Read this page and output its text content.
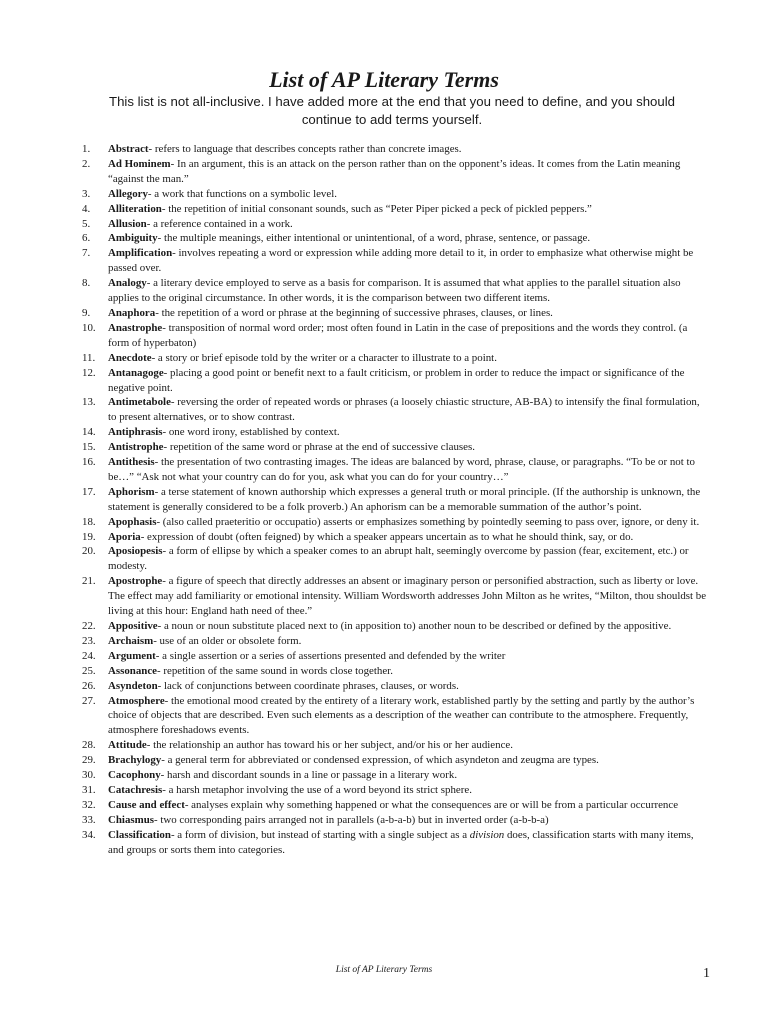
List of AP Literary Terms
This list is not all-inclusive. I have added more at the end that you need to define, and you should continue to add terms yourself.
1.	Abstract- refers to language that describes concepts rather than concrete images.
2.	Ad Hominem- In an argument, this is an attack on the person rather than on the opponent’s ideas. It comes from the Latin meaning “against the man.”
3.	Allegory- a work that functions on a symbolic level.
4.	Alliteration- the repetition of initial consonant sounds, such as “Peter Piper picked a peck of pickled peppers.”
5.	Allusion- a reference contained in a work.
6.	Ambiguity- the multiple meanings, either intentional or unintentional, of a word, phrase, sentence, or passage.
7.	Amplification- involves repeating a word or expression while adding more detail to it, in order to emphasize what otherwise might be passed over.
8.	Analogy- a literary device employed to serve as a basis for comparison. It is assumed that what applies to the parallel situation also applies to the original circumstance. In other words, it is the comparison between two different items.
9.	Anaphora- the repetition of a word or phrase at the beginning of successive phrases, clauses, or lines.
10.	Anastrophe- transposition of normal word order; most often found in Latin in the case of prepositions and the words they control. (a form of hyperbaton)
11.	Anecdote- a story or brief episode told by the writer or a character to illustrate to a point.
12.	Antanagoge- placing a good point or benefit next to a fault criticism, or problem in order to reduce the impact or significance of the negative point.
13.	Antimetabole- reversing the order of repeated words or phrases (a loosely chiastic structure, AB-BA) to intensify the final formulation, to present alternatives, or to show contrast.
14.	Antiphrasis- one word irony, established by context.
15.	Antistrophe- repetition of the same word or phrase at the end of successive clauses.
16.	Antithesis- the presentation of two contrasting images. The ideas are balanced by word, phrase, clause, or paragraphs. “To be or not to be…” “Ask not what your country can do for you, ask what you can do for your country…”
17.	Aphorism- a terse statement of known authorship which expresses a general truth or moral principle. (If the authorship is unknown, the statement is generally considered to be a folk proverb.) An aphorism can be a memorable summation of the author’s point.
18.	Apophasis- (also called praeteritio or occupatio) asserts or emphasizes something by pointedly seeming to pass over, ignore, or deny it.
19.	Aporia- expression of doubt (often feigned) by which a speaker appears uncertain as to what he should think, say, or do.
20.	Aposiopesis- a form of ellipse by which a speaker comes to an abrupt halt, seemingly overcome by passion (fear, excitement, etc.) or modesty.
21.	Apostrophe- a figure of speech that directly addresses an absent or imaginary person or personified abstraction, such as liberty or love. The effect may add familiarity or emotional intensity. William Wordsworth addresses John Milton as he writes, “Milton, thou shouldst be living at this hour: England hath need of thee.”
22.	Appositive- a noun or noun substitute placed next to (in apposition to) another noun to be described or defined by the appositive.
23.	Archaism- use of an older or obsolete form.
24.	Argument- a single assertion or a series of assertions presented and defended by the writer
25.	Assonance- repetition of the same sound in words close together.
26.	Asyndeton- lack of conjunctions between coordinate phrases, clauses, or words.
27.	Atmosphere- the emotional mood created by the entirety of a literary work, established partly by the setting and partly by the author’s choice of objects that are described. Even such elements as a description of the weather can contribute to the atmosphere. Frequently, atmosphere foreshadows events.
28.	Attitude- the relationship an author has toward his or her subject, and/or his or her audience.
29.	Brachylogy- a general term for abbreviated or condensed expression, of which asyndeton and zeugma are types.
30.	Cacophony- harsh and discordant sounds in a line or passage in a literary work.
31.	Catachresis- a harsh metaphor involving the use of a word beyond its strict sphere.
32.	Cause and effect- analyses explain why something happened or what the consequences are or will be from a particular occurrence
33.	Chiasmus- two corresponding pairs arranged not in parallels (a-b-a-b) but in inverted order (a-b-b-a)
34.	Classification- a form of division, but instead of starting with a single subject as a division does, classification starts with many items, and groups or sorts them into categories.
List of AP Literary Terms	1
